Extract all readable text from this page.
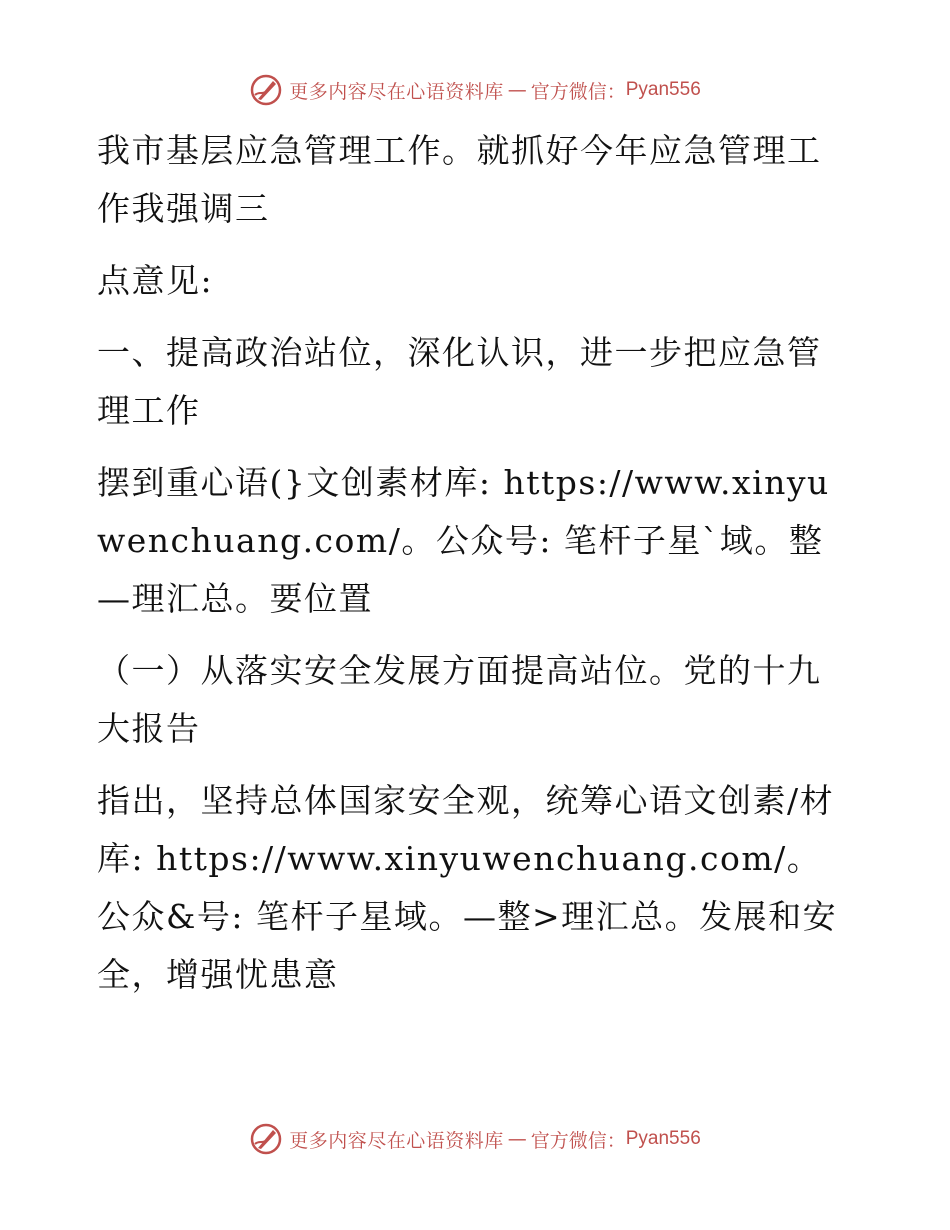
更多内容尽在心语资料库 — 官方微信： Pyan556

我市基层应急管理工作。就抓好今年应急管理工作我强调三

点意见:

一、提高政治站位，深化认识，进一步把应急管理工作

摆到重心语(}文创素材库: https://www.xinyuwenchuang.com/。公众号: 笔杆子星`域。整—理汇总。要位置

（一）从落实安全发展方面提高站位。党的十九大报告

指出，坚持总体国家安全观，统筹心语文创素/材库: https://www.xinyuwenchuang.com/。公众&号: 笔杆子星域。—整>理汇总。发展和安全，增强忧患意

更多内容尽在心语资料库 — 官方微信： Pyan556
